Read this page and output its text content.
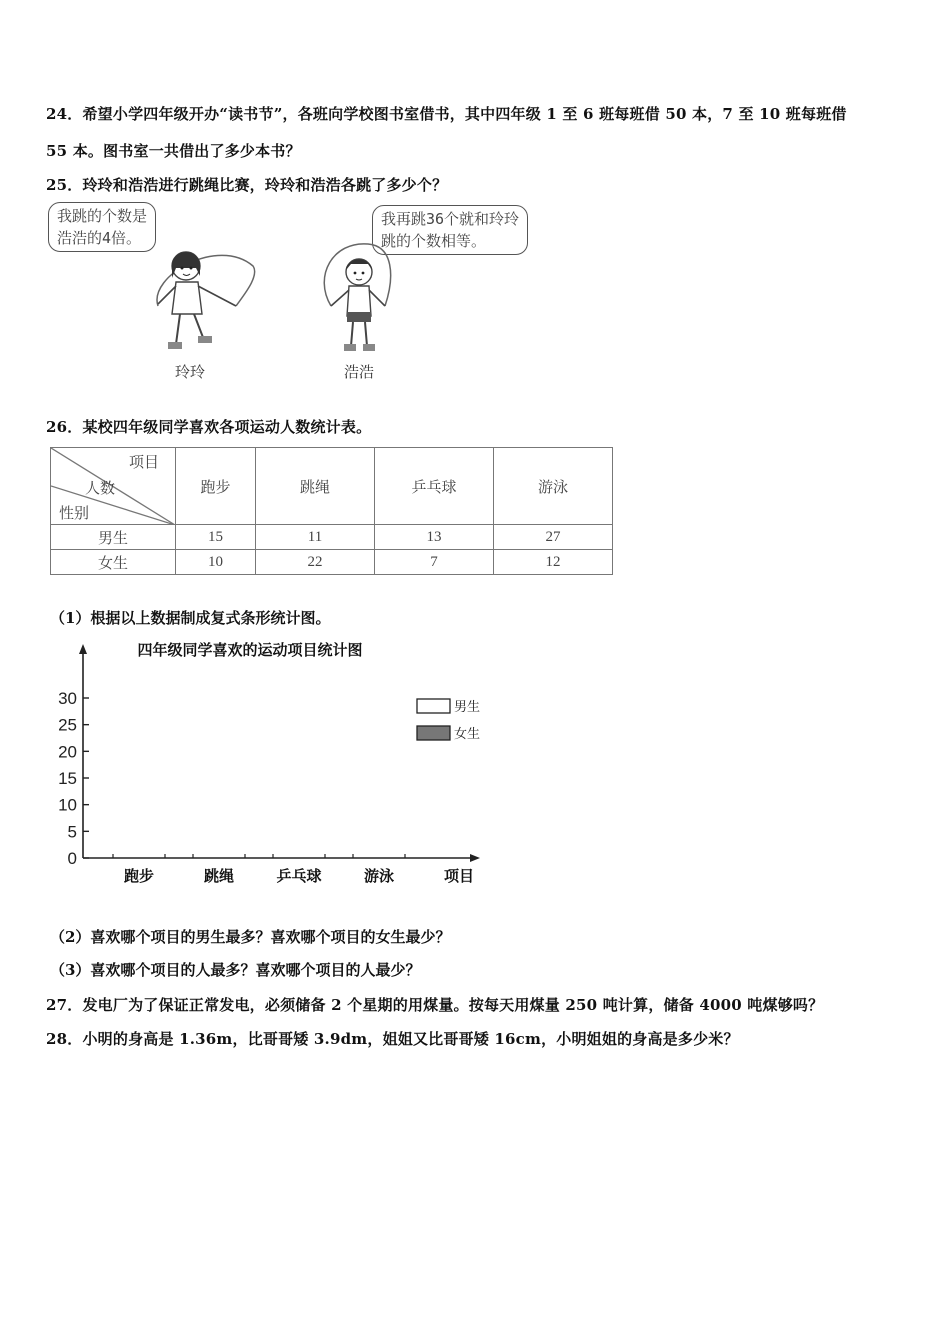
24．希望小学四年级开办“读书节”，各班向学校图书室借书，其中四年级 1 至 6 班每班借 50 本，7 至 10 班每班借
55 本。图书室一共借出了多少本书？
25．玲玲和浩浩进行跳绳比赛，玲玲和浩浩各跳了多少个？
我跳的个数是
浩浩的4倍。
我再跳36个就和玲玲
跳的个数相等。
玲玲	浩浩
26．某校四年级同学喜欢各项运动人数统计表。
项目
人数
性别	跑步	跳绳	乒乓球	游泳
男生	15	11	13	27
女生	10	22	7	12
（1）根据以上数据制成复式条形统计图。
四年级同学喜欢的运动项目统计图
0
5
10
15
20
25
30
跑步	跳绳	乒乓球	游泳	项目
男生
女生
（2）喜欢哪个项目的男生最多？喜欢哪个项目的女生最少？
（3）喜欢哪个项目的人最多？喜欢哪个项目的人最少？
27．发电厂为了保证正常发电，必须储备 2 个星期的用煤量。按每天用煤量 250 吨计算，储备 4000 吨煤够吗？
28．小明的身高是 1.36m，比哥哥矮 3.9dm，姐姐又比哥哥矮 16cm，小明姐姐的身高是多少米？
